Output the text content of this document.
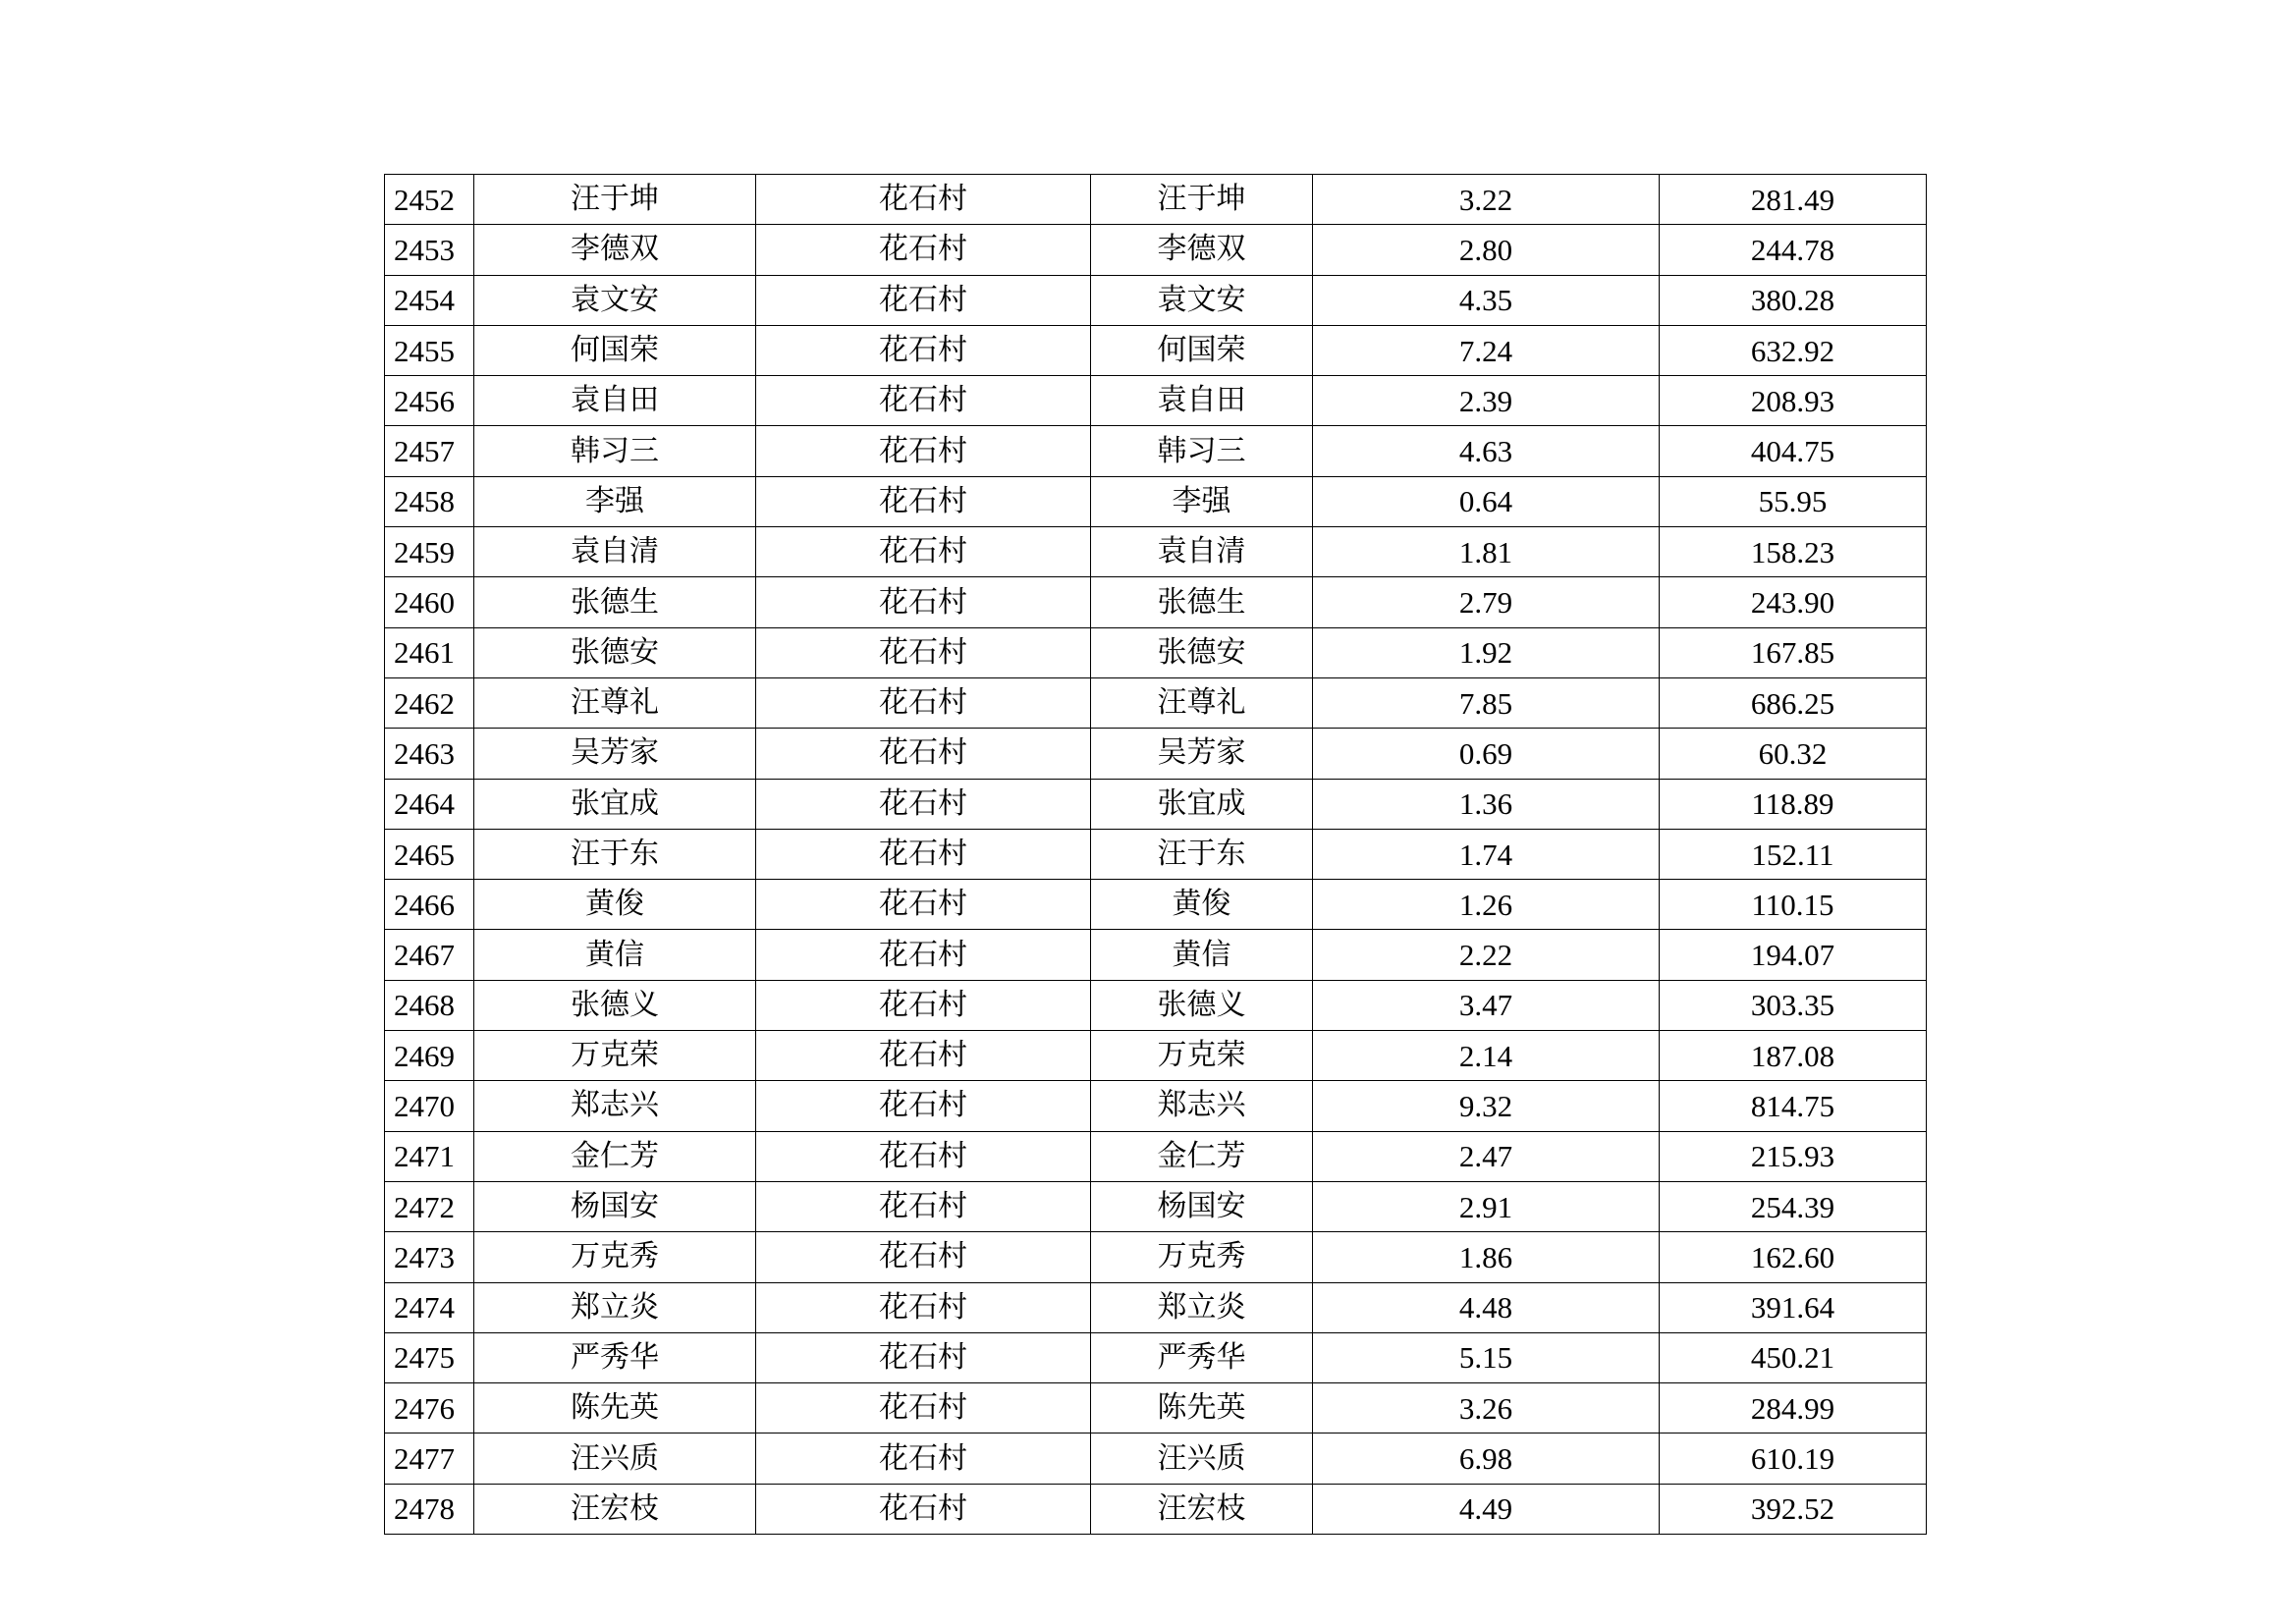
2452	汪于坤	花石村	汪于坤	3.22	281.49
2453	李德双	花石村	李德双	2.80	244.78
2454	袁文安	花石村	袁文安	4.35	380.28
2455	何国荣	花石村	何国荣	7.24	632.92
2456	袁自田	花石村	袁自田	2.39	208.93
2457	韩习三	花石村	韩习三	4.63	404.75
2458	李强	花石村	李强	0.64	55.95
2459	袁自清	花石村	袁自清	1.81	158.23
2460	张德生	花石村	张德生	2.79	243.90
2461	张德安	花石村	张德安	1.92	167.85
2462	汪尊礼	花石村	汪尊礼	7.85	686.25
2463	吴芳家	花石村	吴芳家	0.69	60.32
2464	张宜成	花石村	张宜成	1.36	118.89
2465	汪于东	花石村	汪于东	1.74	152.11
2466	黄俊	花石村	黄俊	1.26	110.15
2467	黄信	花石村	黄信	2.22	194.07
2468	张德义	花石村	张德义	3.47	303.35
2469	万克荣	花石村	万克荣	2.14	187.08
2470	郑志兴	花石村	郑志兴	9.32	814.75
2471	金仁芳	花石村	金仁芳	2.47	215.93
2472	杨国安	花石村	杨国安	2.91	254.39
2473	万克秀	花石村	万克秀	1.86	162.60
2474	郑立炎	花石村	郑立炎	4.48	391.64
2475	严秀华	花石村	严秀华	5.15	450.21
2476	陈先英	花石村	陈先英	3.26	284.99
2477	汪兴质	花石村	汪兴质	6.98	610.19
2478	汪宏枝	花石村	汪宏枝	4.49	392.52
